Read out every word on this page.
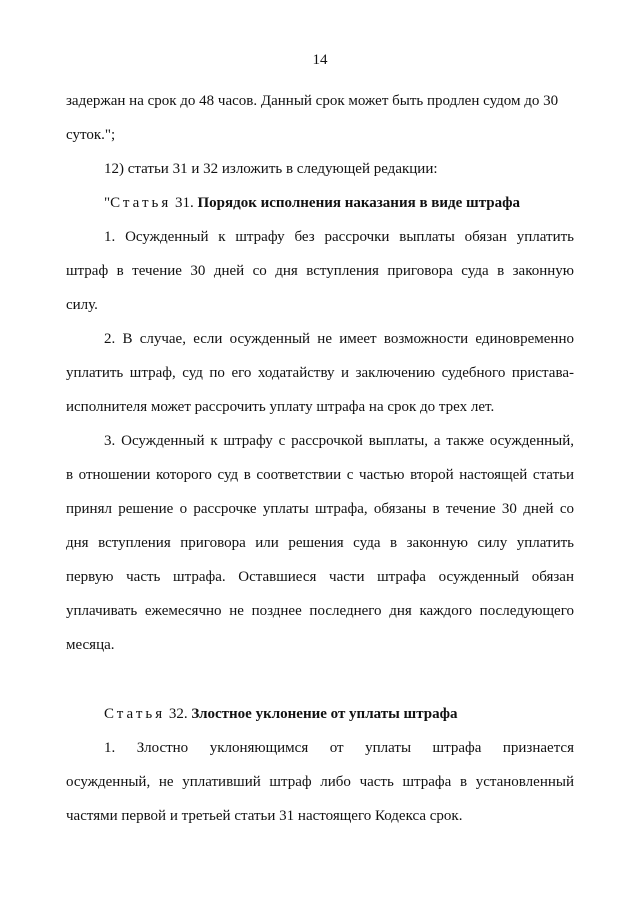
14
задержан на срок до 48 часов. Данный срок может быть продлен судом до 30
суток.";
12) статьи 31 и 32 изложить в следующей редакции:
"Статья 31. Порядок исполнения наказания в виде штрафа
1. Осужденный к штрафу без рассрочки выплаты обязан уплатить
штраф в течение 30 дней со дня вступления приговора суда в законную
силу.
2. В случае, если осужденный не имеет возможности единовременно
уплатить штраф, суд по его ходатайству и заключению судебного пристава-
исполнителя может рассрочить уплату штрафа на срок до трех лет.
3. Осужденный к штрафу с рассрочкой выплаты, а также осужденный,
в отношении которого суд в соответствии с частью второй настоящей статьи
принял решение о рассрочке уплаты штрафа, обязаны в течение 30 дней со
дня вступления приговора или решения суда в законную силу уплатить
первую часть штрафа. Оставшиеся части штрафа осужденный обязан
уплачивать ежемесячно не позднее последнего дня каждого последующего
месяца.
Статья 32. Злостное уклонение от уплаты штрафа
1. Злостно уклоняющимся от уплаты штрафа признается
осужденный, не уплативший штраф либо часть штрафа в установленный
частями первой и третьей статьи 31 настоящего Кодекса срок.
